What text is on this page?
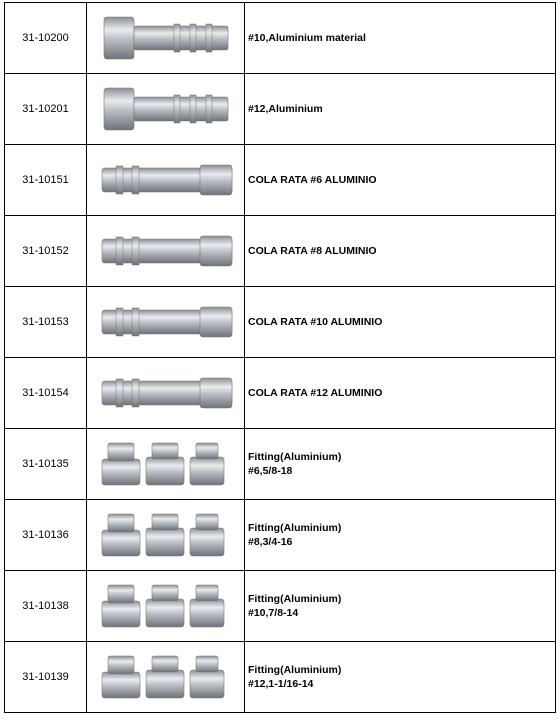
31-10200		#10,Aluminium material

31-10201		#12,Aluminium

31-10151		COLA RATA #6 ALUMINIO

31-10152		COLA RATA #8 ALUMINIO

31-10153		COLA RATA #10 ALUMINIO

31-10154		COLA RATA #12 ALUMINIO

31-10135		Fitting(Aluminium)
#6,5/8-18

31-10136		Fitting(Aluminium)
#8,3/4-16

31-10138		Fitting(Aluminium)
#10,7/8-14

31-10139		Fitting(Aluminium)
#12,1-1/16-14
